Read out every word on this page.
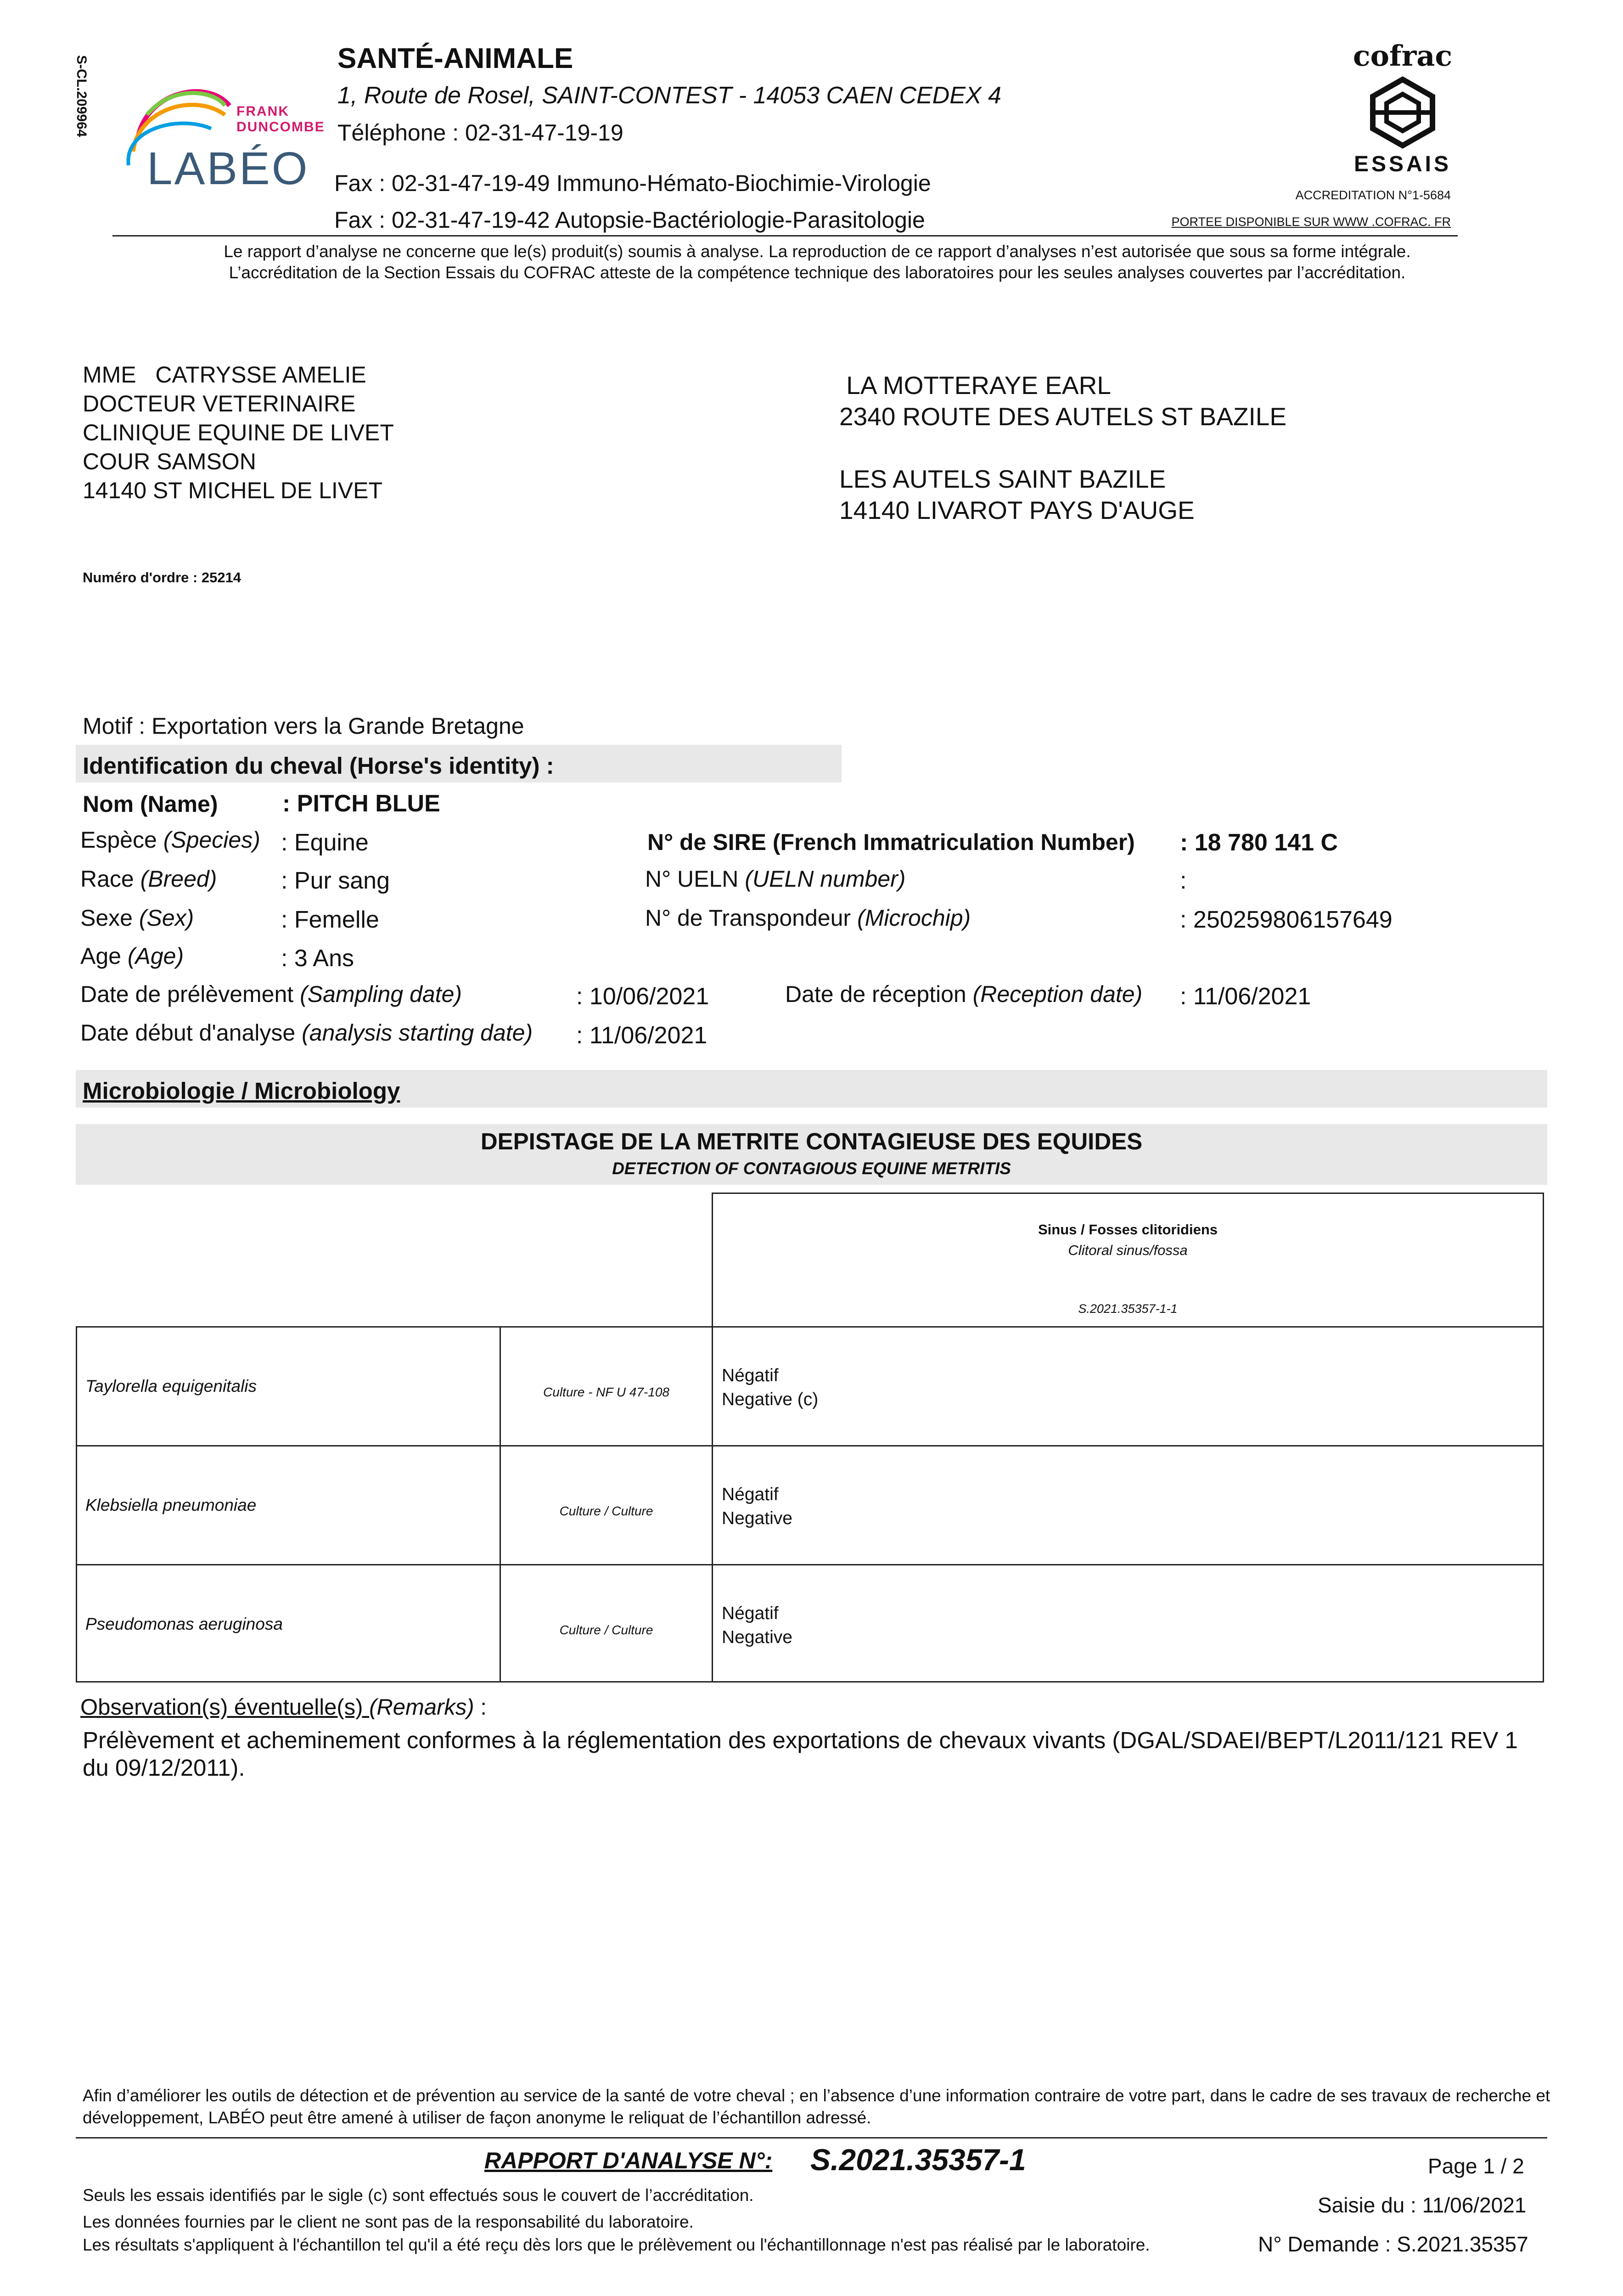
S-CL.209964	FRANK
DUNCOMBE
LABÉO
SANTÉ-ANIMALE
1, Route de Rosel, SAINT-CONTEST - 14053 CAEN CEDEX 4
Téléphone : 02-31-47-19-19
Fax : 02-31-47-19-49 Immuno-Hémato-Biochimie-Virologie
Fax : 02-31-47-19-42 Autopsie-Bactériologie-Parasitologie
cofrac
ESSAIS
ACCREDITATION N°1-5684
PORTEE DISPONIBLE SUR WWW .COFRAC. FR
Le rapport d’analyse ne concerne que le(s) produit(s) soumis à analyse. La reproduction de ce rapport d’analyses n’est autorisée que sous sa forme intégrale.
L’accréditation de la Section Essais du COFRAC atteste de la compétence technique des laboratoires pour les seules analyses couvertes par l’accréditation.
MME   CATRYSSE AMELIE
DOCTEUR VETERINAIRE
CLINIQUE EQUINE DE LIVET
COUR SAMSON
14140 ST MICHEL DE LIVET
LA MOTTERAYE EARL
2340 ROUTE DES AUTELS ST BAZILE
LES AUTELS SAINT BAZILE
14140 LIVAROT PAYS D'AUGE
Numéro d'ordre : 25214
Motif : Exportation vers la Grande Bretagne
Identification du cheval (Horse's identity) :
Nom (Name)	: PITCH BLUE
Espèce (Species) : Equine
Race (Breed)	: Pur sang
Sexe (Sex)	: Femelle
Age (Age)	: 3 Ans
N° de SIRE (French Immatriculation Number) : 18 780 141 C
N° UELN (UELN number)	:
N° de Transpondeur (Microchip)	: 250259806157649
Date de prélèvement (Sampling date)	: 10/06/2021	Date de réception (Reception date) : 11/06/2021
Date début d'analyse (analysis starting date) : 11/06/2021
Microbiologie / Microbiology
DEPISTAGE DE LA METRITE CONTAGIEUSE DES EQUIDES
DETECTION OF CONTAGIOUS EQUINE METRITIS
Sinus / Fosses clitoridiens
Clitoral sinus/fossa
S.2021.35357-1-1
Taylorella equigenitalis	Culture - NF U 47-108
Négatif
Negative (c)
Klebsiella pneumoniae	Culture / Culture
Négatif
Negative
Pseudomonas aeruginosa	Culture / Culture
Négatif
Negative
Observation(s) éventuelle(s) (Remarks) :
Prélèvement et acheminement conformes à la réglementation des exportations de chevaux vivants (DGAL/SDAEI/BEPT/L2011/121 REV 1 du 09/12/2011).
Afin d’améliorer les outils de détection et de prévention au service de la santé de votre cheval ; en l’absence d’une information contraire de votre part, dans le cadre de ses travaux de recherche et développement, LABÉO peut être amené à utiliser de façon anonyme le reliquat de l’échantillon adressé.
RAPPORT D'ANALYSE N°: S.2021.35357-1	Page 1 / 2
Seuls les essais identifiés par le sigle (c) sont effectués sous le couvert de l’accréditation.	Saisie du : 11/06/2021
Les données fournies par le client ne sont pas de la responsabilité du laboratoire.
Les résultats s'appliquent à l'échantillon tel qu'il a été reçu dès lors que le prélèvement ou l'échantillonnage n'est pas réalisé par le laboratoire.	N° Demande : S.2021.35357
